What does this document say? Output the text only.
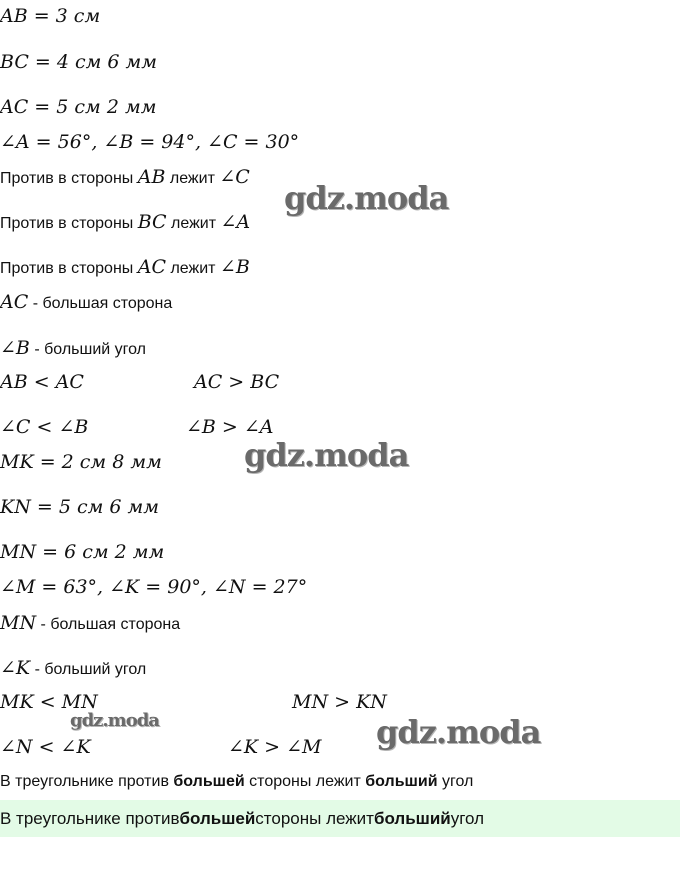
AB = 3 см
BC = 4 см 6 мм
AC = 5 см 2 мм
∠A = 56°, ∠B = 94°, ∠C = 30°
Против в стороны AB лежит ∠C
Против в стороны BC лежит ∠A
Против в стороны AC лежит ∠B
AC - большая сторона
∠B - больший угол
AB < AC	AC > BC
∠C < ∠B	∠B > ∠A
MK = 2 см 8 мм
KN = 5 см 6 мм
MN = 6 см 2 мм
∠M = 63°, ∠K = 90°, ∠N = 27°
MN - большая сторона
∠K - больший угол
MK < MN	MN > KN
∠N < ∠K	∠K > ∠M
В треугольнике против большей стороны лежит больший угол
В треугольнике против большей стороны лежит больший угол
gdz.moda
gdz.moda
gdz.moda	gdz.moda
